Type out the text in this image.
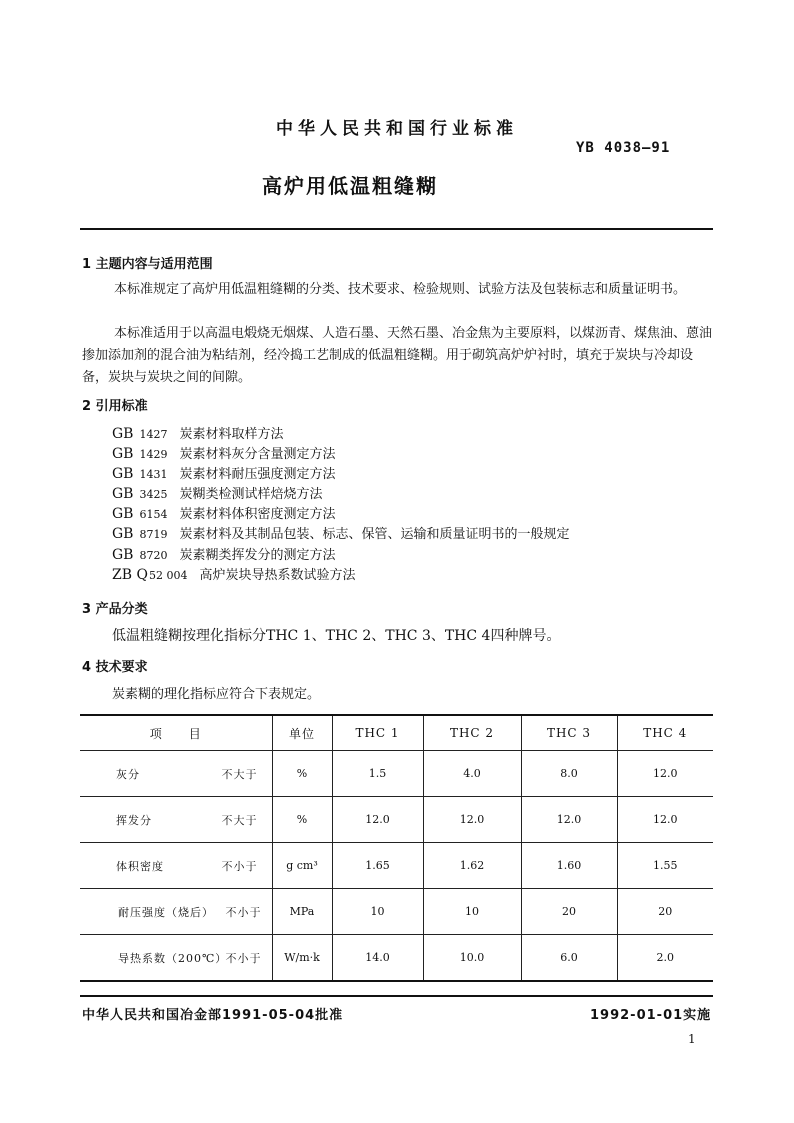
中华人民共和国行业标准
YB 4038—91
高炉用低温粗缝糊
1 主题内容与适用范围
本标准规定了高炉用低温粗缝糊的分类、技术要求、检验规则、试验方法及包装标志和质量证明书。
本标准适用于以高温电煅烧无烟煤、人造石墨、天然石墨、冶金焦为主要原料，以煤沥青、煤焦油、蒽油掺加添加剂的混合油为粘结剂，经冷捣工艺制成的低温粗缝糊。用于砌筑高炉炉衬时，填充于炭块与冷却设备，炭块与炭块之间的间隙。
2 引用标准
GB 1427 炭素材料取样方法
GB 1429 炭素材料灰分含量测定方法
GB 1431 炭素材料耐压强度测定方法
GB 3425 炭糊类检测试样焙烧方法
GB 6154 炭素材料体积密度测定方法
GB 8719 炭素材料及其制品包装、标志、保管、运输和质量证明书的一般规定
GB 8720 炭素糊类挥发分的测定方法
ZB Q52 004 高炉炭块导热系数试验方法
3 产品分类
低温粗缝糊按理化指标分THC 1、THC 2、THC 3、THC 4四种牌号。
4 技术要求
炭素糊的理化指标应符合下表规定。
项　　目	单位	THC 1	THC 2	THC 3	THC 4

灰分 不大于	%	1.5	4.0	8.0	12.0

挥发分 不大于	%	12.0	12.0	12.0	12.0

体积密度 不小于	g cm³	1.65	1.62	1.60	1.55

耐压强度（烧后） 不小于	MPa	10	10	20	20

导热系数（200℃）
不小于	W/m·k	14.0	10.0	6.0	2.0
中华人民共和国冶金部1991-05-04批准	1992-01-01实施
1
